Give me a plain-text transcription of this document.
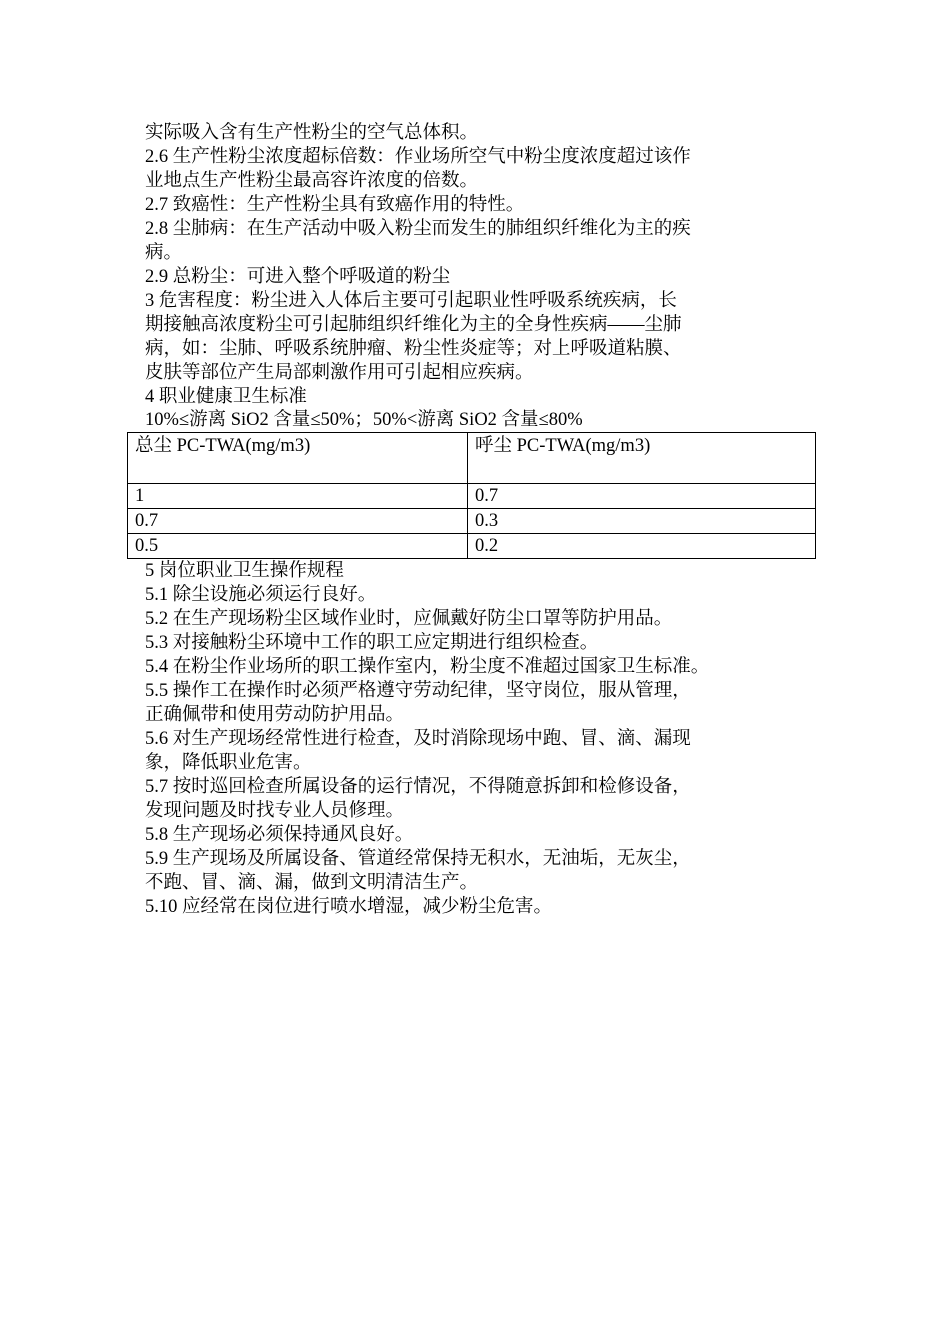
实际吸入含有生产性粉尘的空气总体积。

2.6 生产性粉尘浓度超标倍数：作业场所空气中粉尘度浓度超过该作

业地点生产性粉尘最高容许浓度的倍数。

2.7 致癌性：生产性粉尘具有致癌作用的特性。

2.8 尘肺病：在生产活动中吸入粉尘而发生的肺组织纤维化为主的疾

病。

2.9 总粉尘：可进入整个呼吸道的粉尘

3 危害程度：粉尘进入人体后主要可引起职业性呼吸系统疾病，长

期接触高浓度粉尘可引起肺组织纤维化为主的全身性疾病——尘肺

病，如：尘肺、呼吸系统肿瘤、粉尘性炎症等；对上呼吸道粘膜、

皮肤等部位产生局部刺激作用可引起相应疾病。

4 职业健康卫生标准

10%≤游离 SiO2 含量≤50%；50%<游离 SiO2 含量≤80%

总尘 PC-TWA(mg/m3)	呼尘 PC-TWA(mg/m3)
1	0.7
0.7	0.3
0.5	0.2

5 岗位职业卫生操作规程

5.1 除尘设施必须运行良好。

5.2 在生产现场粉尘区域作业时，应佩戴好防尘口罩等防护用品。

5.3 对接触粉尘环境中工作的职工应定期进行组织检查。

5.4 在粉尘作业场所的职工操作室内，粉尘度不准超过国家卫生标准。

5.5 操作工在操作时必须严格遵守劳动纪律，坚守岗位，服从管理，

正确佩带和使用劳动防护用品。

5.6 对生产现场经常性进行检查，及时消除现场中跑、冒、滴、漏现

象，降低职业危害。

5.7 按时巡回检查所属设备的运行情况，不得随意拆卸和检修设备，

发现问题及时找专业人员修理。

5.8 生产现场必须保持通风良好。

5.9 生产现场及所属设备、管道经常保持无积水，无油垢，无灰尘，

不跑、冒、滴、漏，做到文明清洁生产。

5.10 应经常在岗位进行喷水增湿，减少粉尘危害。
